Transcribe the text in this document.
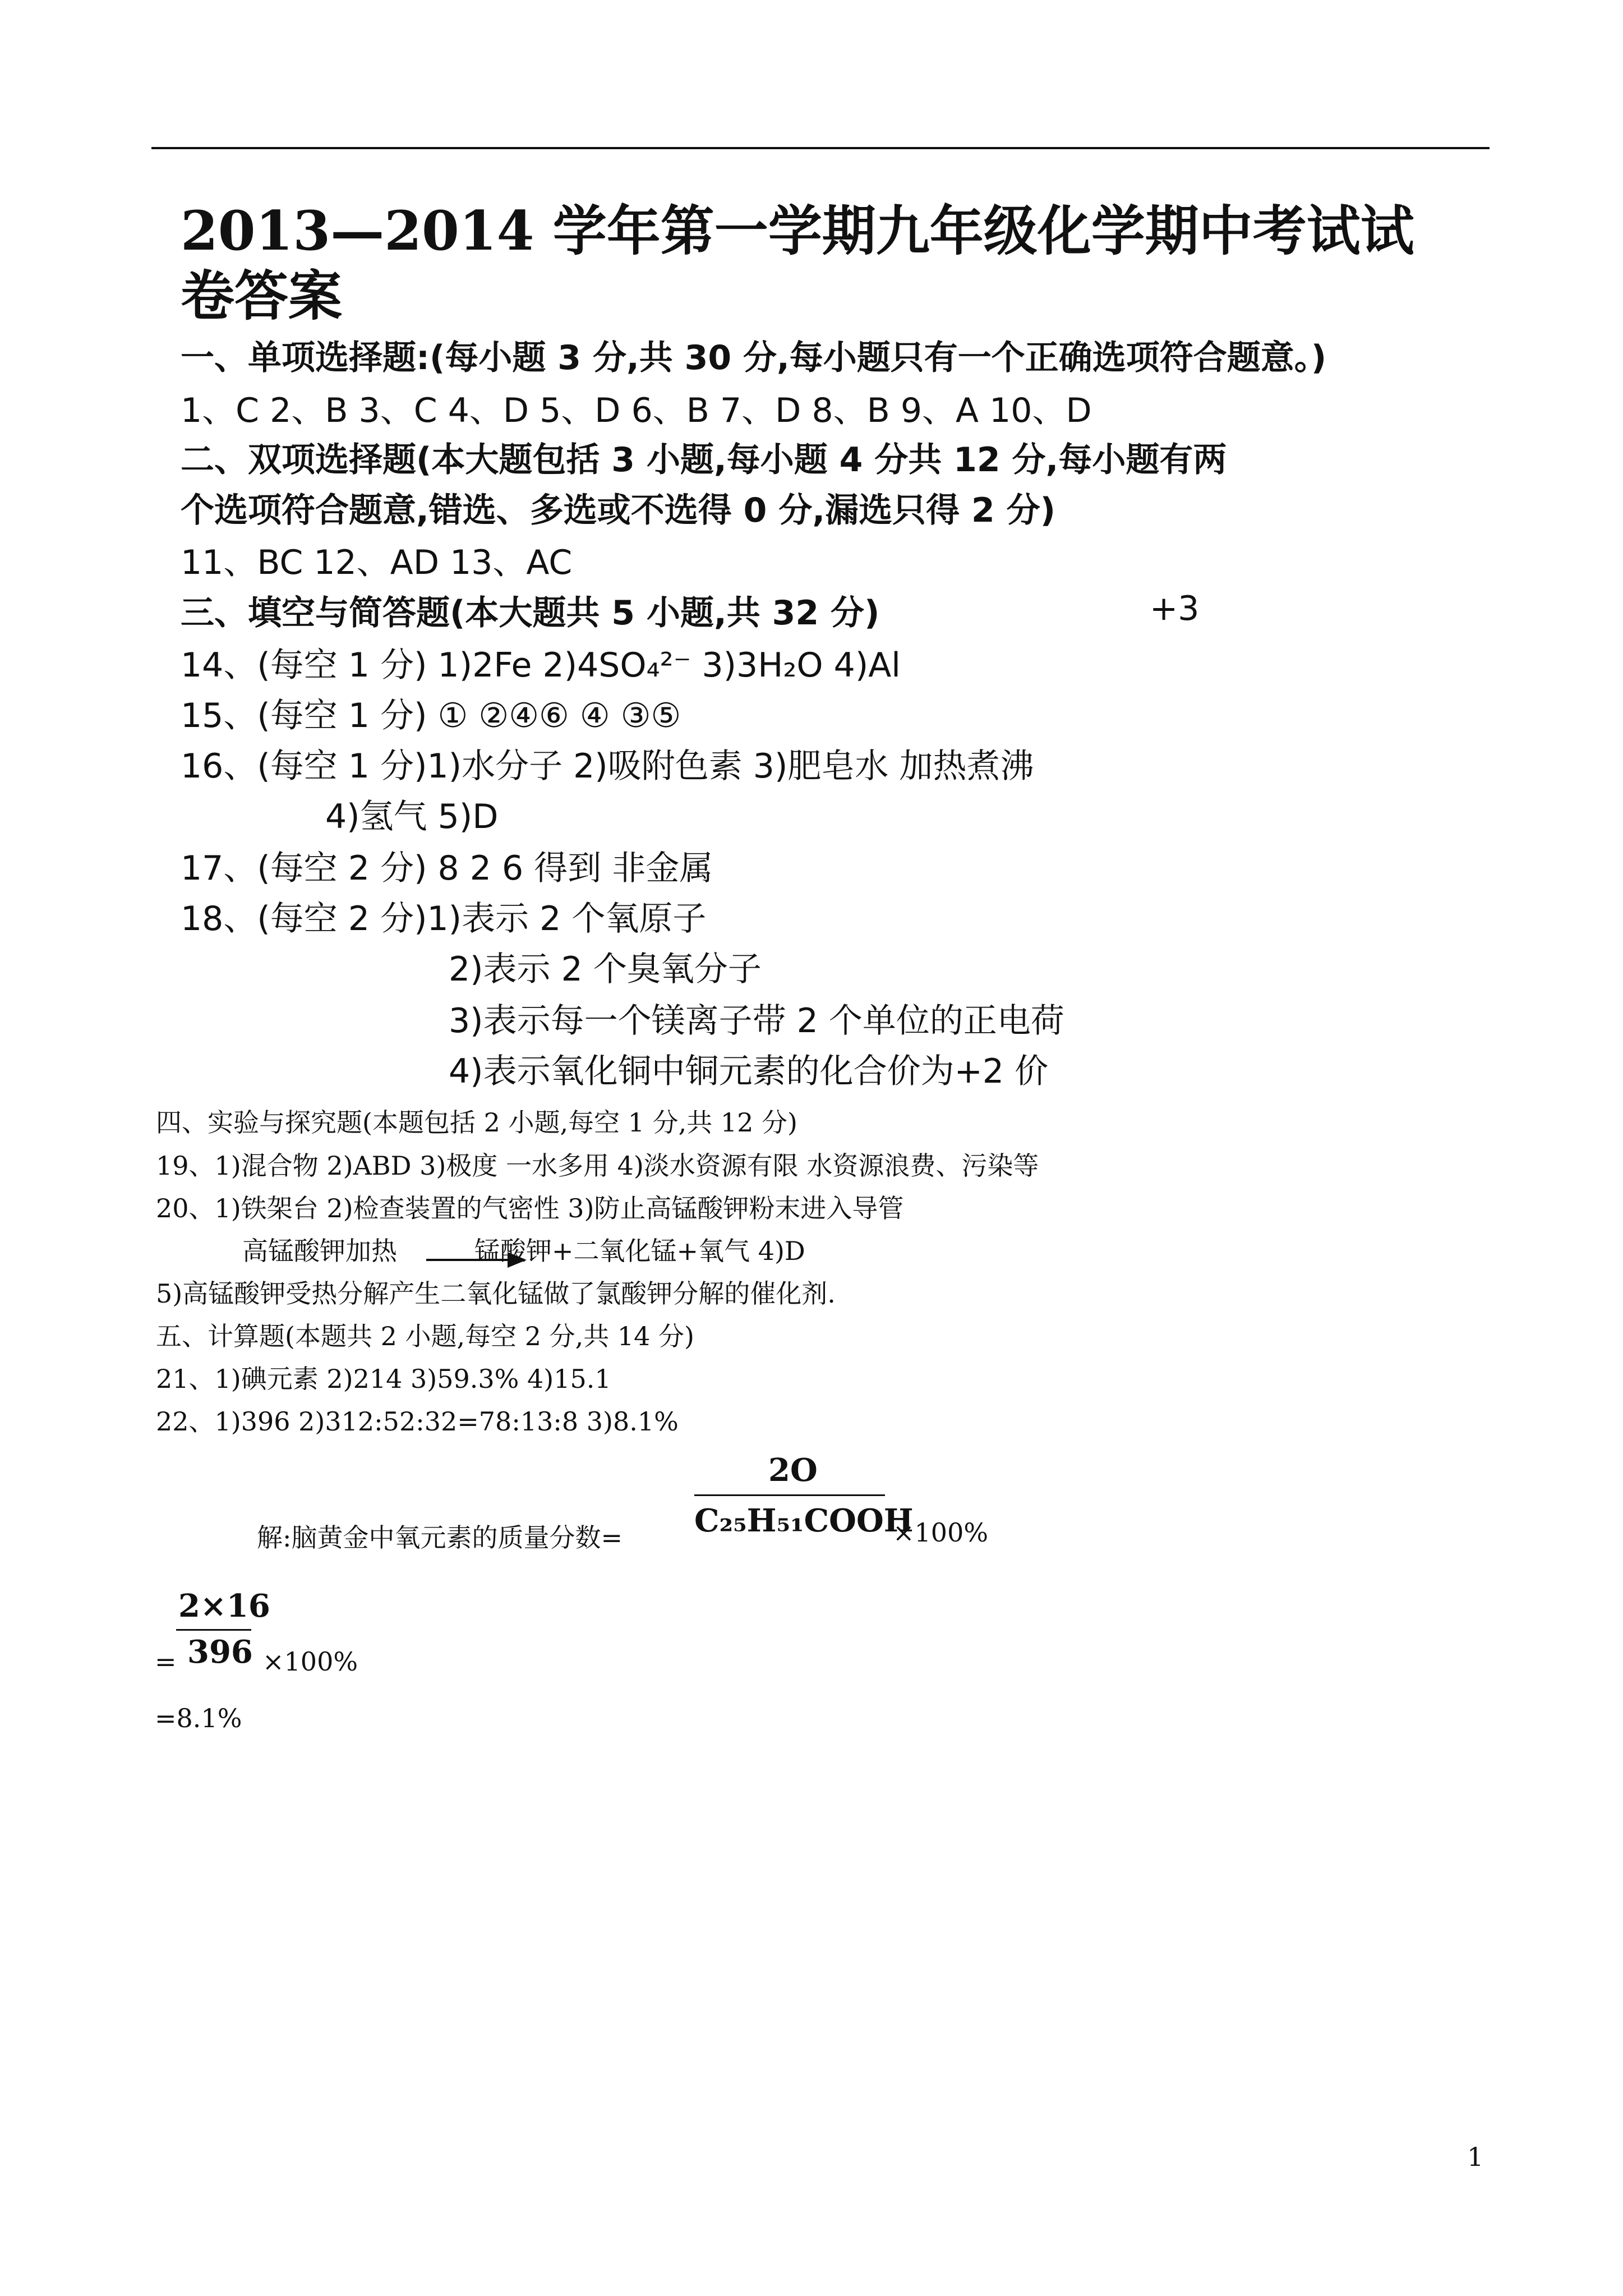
2013—2014 学年第一学期九年级化学期中考试试
卷答案
一、单项选择题:(每小题 3 分,共 30 分,每小题只有一个正确选项符合题意。)
1、C 2、B 3、C 4、D 5、D 6、B 7、D 8、B 9、A 10、D
二、双项选择题(本大题包括 3 小题,每小题 4 分共 12 分,每小题有两
个选项符合题意,错选、多选或不选得 0 分,漏选只得 2 分)
11、BC 12、AD 13、AC
三、填空与简答题(本大题共 5 小题,共 32 分)	+3
14、(每空 1 分) 1)2Fe 2)4SO₄²⁻ 3)3H₂O 4)Al
15、(每空 1 分) ① ②④⑥ ④ ③⑤
16、(每空 1 分)1)水分子 2)吸附色素 3)肥皂水 加热煮沸
4)氢气 5)D
17、(每空 2 分) 8 2 6 得到 非金属
18、(每空 2 分)1)表示 2 个氧原子
2)表示 2 个臭氧分子
3)表示每一个镁离子带 2 个单位的正电荷
4)表示氧化铜中铜元素的化合价为+2 价
四、实验与探究题(本题包括 2 小题,每空 1 分,共 12 分)
19、1)混合物 2)ABD 3)极度 一水多用 4)淡水资源有限 水资源浪费、污染等
20、1)铁架台 2)检查装置的气密性 3)防止高锰酸钾粉末进入导管
高锰酸钾加热	锰酸钾+二氧化锰+氧气 4)D
5)高锰酸钾受热分解产生二氧化锰做了氯酸钾分解的催化剂.
五、计算题(本题共 2 小题,每空 2 分,共 14 分)
21、1)碘元素 2)214 3)59.3% 4)15.1
22、1)396 2)312:52:32=78:13:8 3)8.1%
2O
解:脑黄金中氧元素的质量分数= C₂₅H₅₁COOH
×100%
2×16
= 396 ×100%
=8.1%
1
